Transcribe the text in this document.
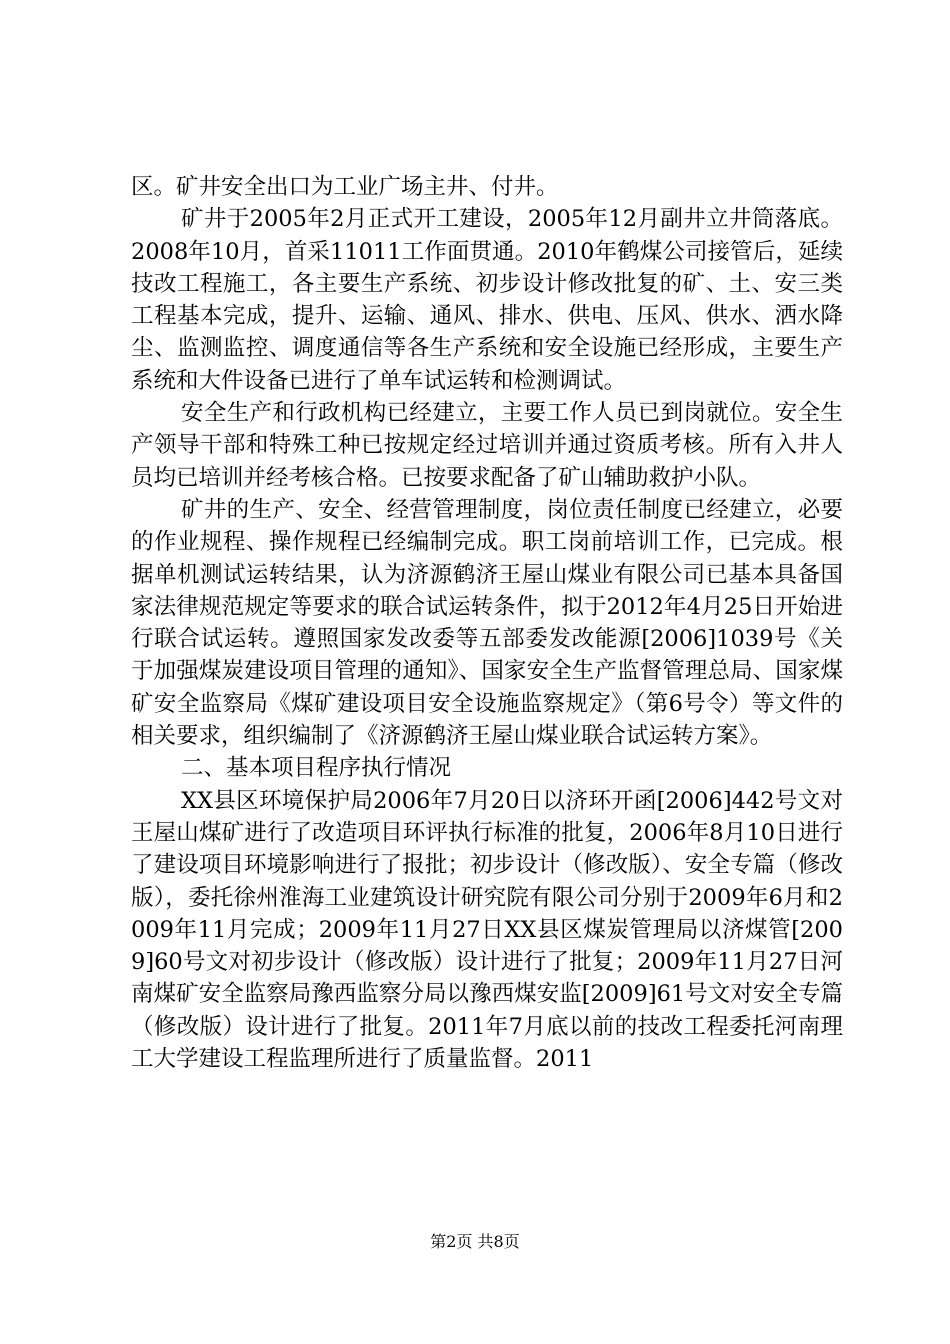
区。矿井安全出口为工业广场主井、付井。

矿井于2005年2月正式开工建设，2005年12月副井立井筒落底。2008年10月，首采11011工作面贯通。2010年鹤煤公司接管后，延续技改工程施工，各主要生产系统、初步设计修改批复的矿、土、安三类工程基本完成，提升、运输、通风、排水、供电、压风、供水、洒水降尘、监测监控、调度通信等各生产系统和安全设施已经形成，主要生产系统和大件设备已进行了单车试运转和检测调试。

安全生产和行政机构已经建立，主要工作人员已到岗就位。安全生产领导干部和特殊工种已按规定经过培训并通过资质考核。所有入井人员均已培训并经考核合格。已按要求配备了矿山辅助救护小队。

矿井的生产、安全、经营管理制度，岗位责任制度已经建立，必要的作业规程、操作规程已经编制完成。职工岗前培训工作，已完成。根据单机测试运转结果，认为济源鹤济王屋山煤业有限公司已基本具备国家法律规范规定等要求的联合试运转条件，拟于2012年4月25日开始进行联合试运转。遵照国家发改委等五部委发改能源[2006]1039号《关于加强煤炭建设项目管理的通知》、国家安全生产监督管理总局、国家煤矿安全监察局《煤矿建设项目安全设施监察规定》（第6号令）等文件的相关要求，组织编制了《济源鹤济王屋山煤业联合试运转方案》。

二、基本项目程序执行情况

XX县区环境保护局2006年7月20日以济环开函[2006]442号文对王屋山煤矿进行了改造项目环评执行标准的批复，2006年8月10日进行了建设项目环境影响进行了报批；初步设计（修改版）、安全专篇（修改版），委托徐州淮海工业建筑设计研究院有限公司分别于2009年6月和2009年11月完成；2009年11月27日XX县区煤炭管理局以济煤管[2009]60号文对初步设计（修改版）设计进行了批复；2009年11月27日河南煤矿安全监察局豫西监察分局以豫西煤安监[2009]61号文对安全专篇（修改版）设计进行了批复。2011年7月底以前的技改工程委托河南理工大学建设工程监理所进行了质量监督。2011

第2页 共8页
